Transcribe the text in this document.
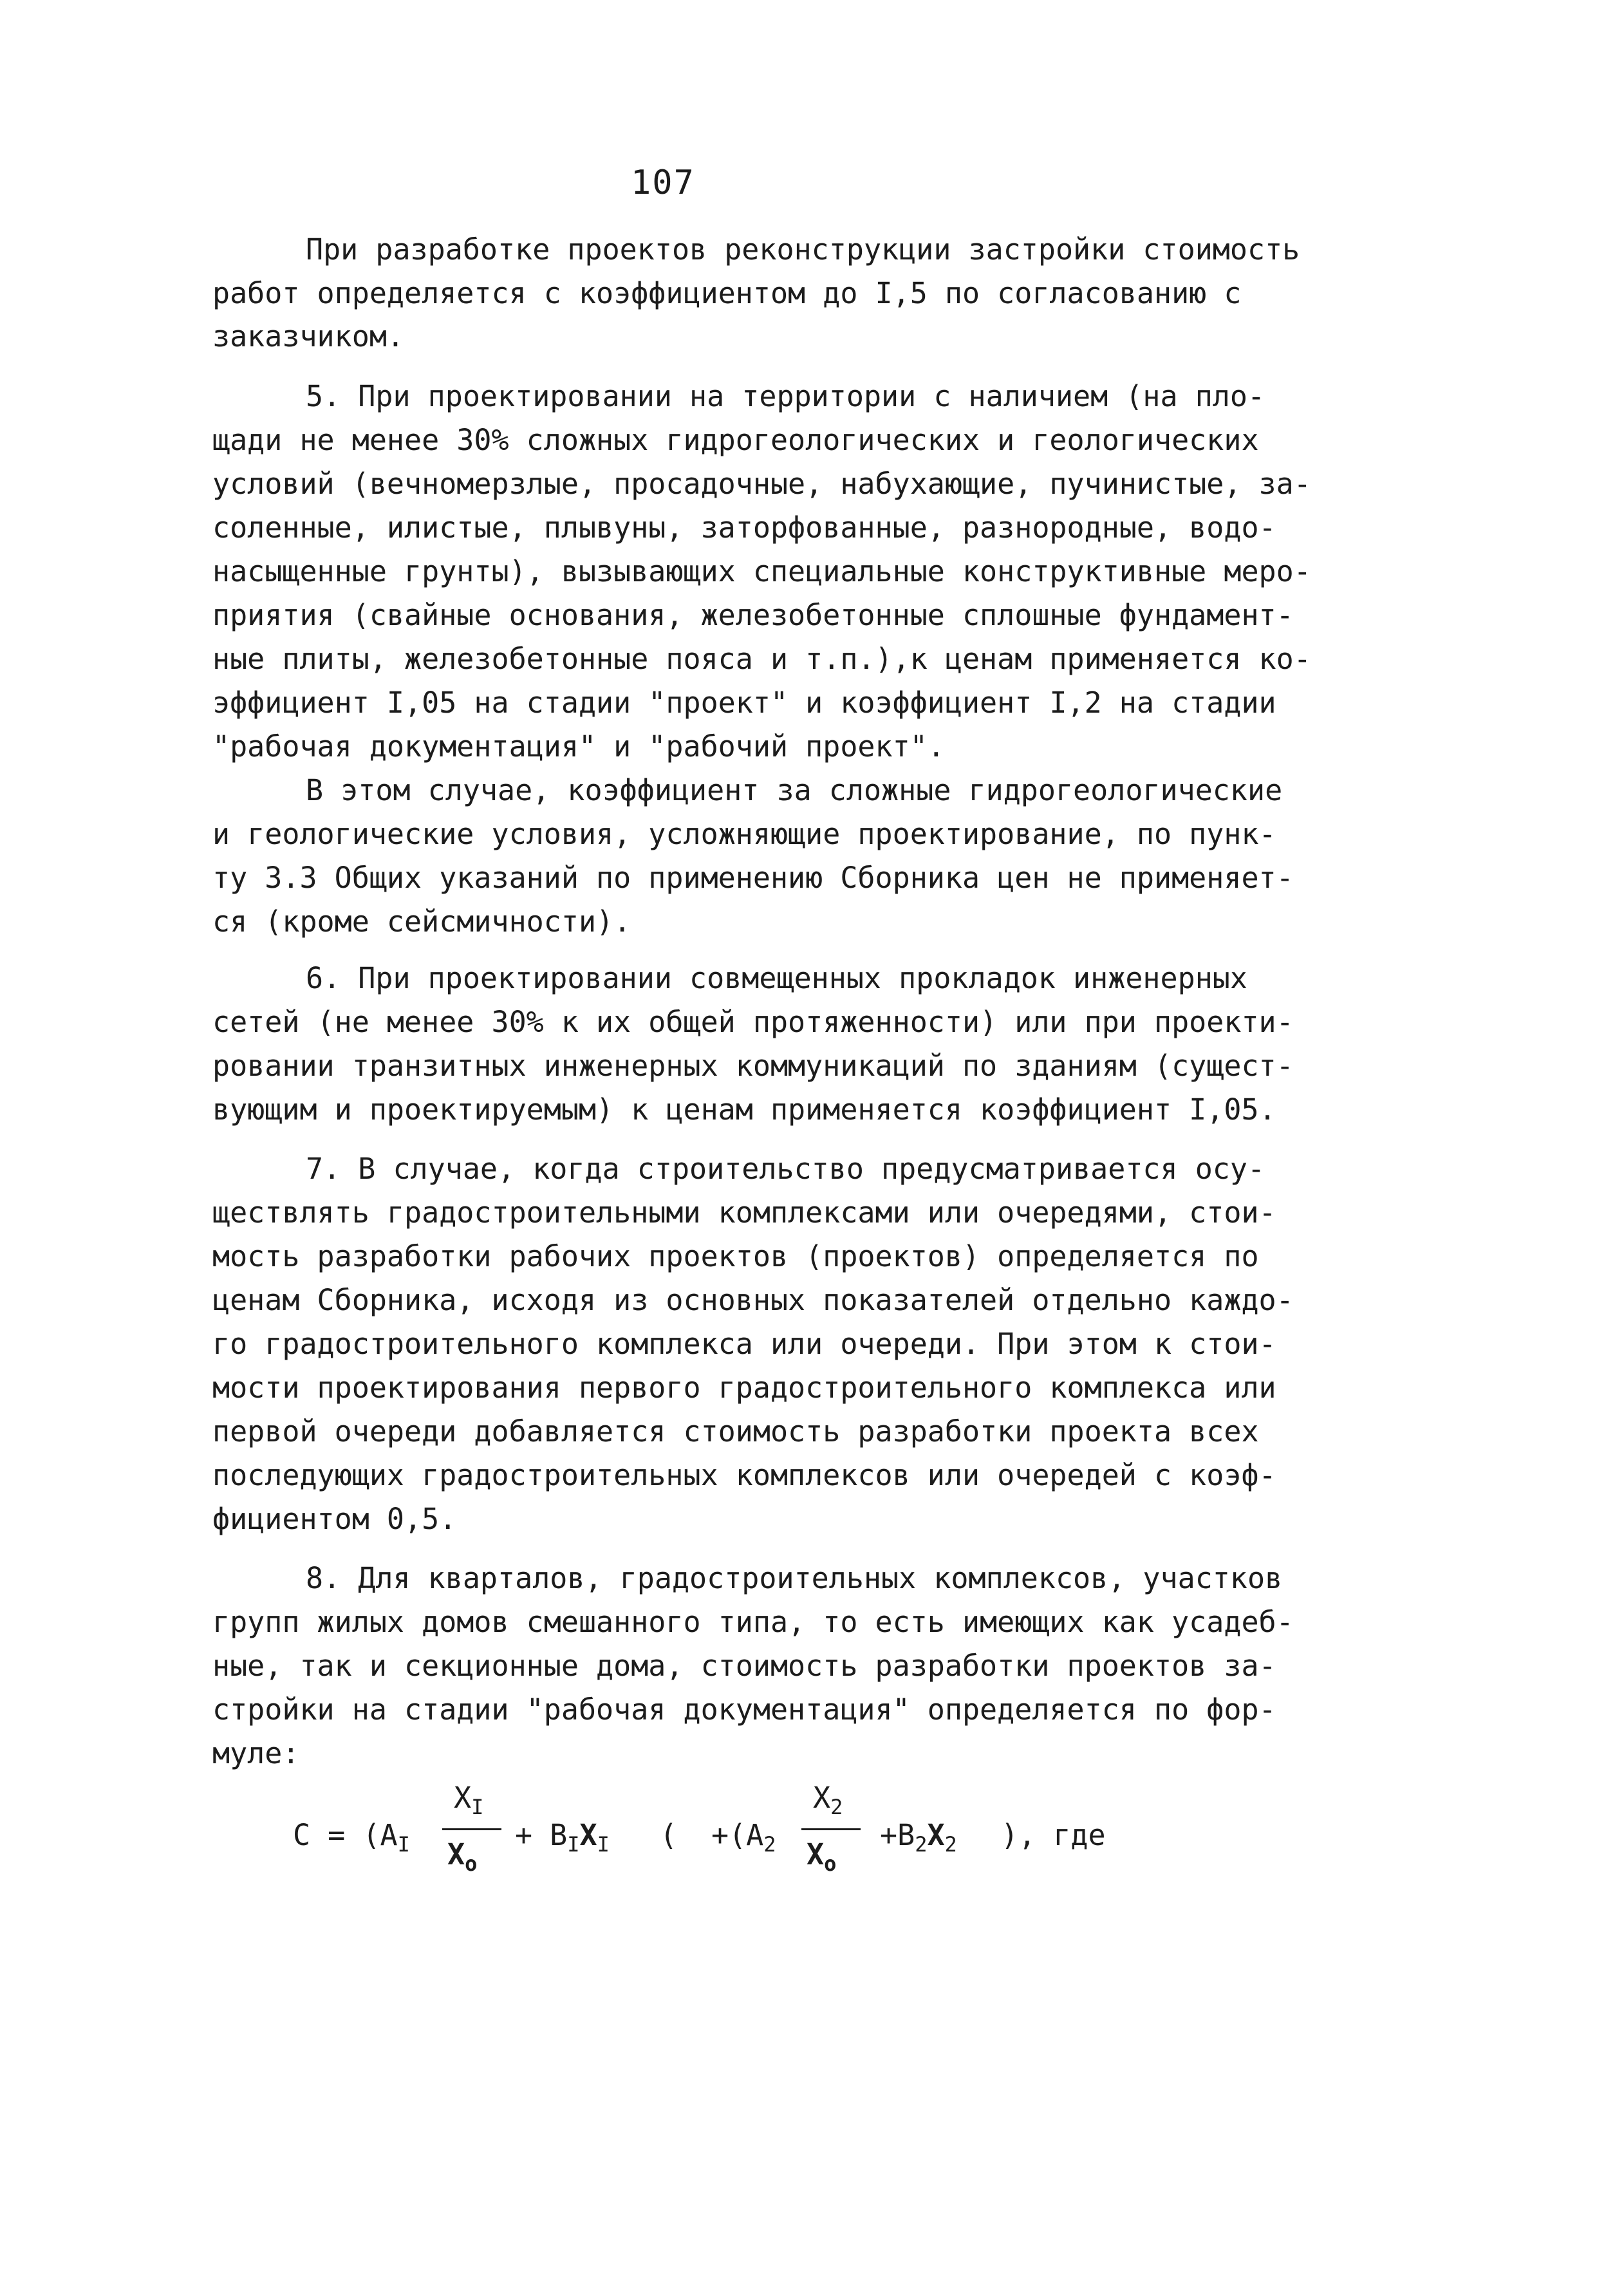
107
При разработке проектов реконструкции застройки стоимость
работ определяется с коэффициентом до I,5 по согласованию с
заказчиком.
5. При проектировании на территории с наличием (на пло-
щади не менее 30% сложных гидрогеологических и геологических
условий (вечномерзлые, просадочные, набухающие, пучинистые, за-
соленные, илистые, плывуны, заторфованные, разнородные, водо-
насыщенные грунты), вызывающих специальные конструктивные меро-
приятия (свайные основания, железобетонные сплошные фундамент-
ные плиты, железобетонные пояса и т.п.),к ценам применяется ко-
эффициент I,05 на стадии "проект" и коэффициент I,2 на стадии
"рабочая документация" и "рабочий проект".
В этом случае, коэффициент за сложные гидрогеологические
и геологические условия, усложняющие проектирование, по пунк-
ту 3.3 Общих указаний по применению Сборника цен не применяет-
ся (кроме сейсмичности).
6. При проектировании совмещенных прокладок инженерных
сетей (не менее 30% к их общей протяженности) или при проекти-
ровании транзитных инженерных коммуникаций по зданиям (сущест-
вующим и проектируемым) к ценам применяется коэффициент I,05.
7. В случае, когда строительство предусматривается осу-
ществлять градостроительными комплексами или очередями, стои-
мость разработки рабочих проектов (проектов) определяется по
ценам Сборника, исходя из основных показателей отдельно каждо-
го градостроительного комплекса или очереди. При этом к стои-
мости проектирования первого градостроительного комплекса или
первой очереди добавляется стоимость разработки проекта всех
последующих градостроительных комплексов или очередей с коэф-
фициентом 0,5.
8. Для кварталов, градостроительных комплексов, участков
групп жилых домов смешанного типа, то есть имеющих как усадеб-
ные, так и секционные дома, стоимость разработки проектов за-
стройки на стадии "рабочая документация" определяется по фор-
муле:
$С = (А_I$
$X_I$
$X_o$
+ $В_IX_I$ ( $+(А_2$
$X_2$
$X_o$
$+В_2X_2$ ), где
